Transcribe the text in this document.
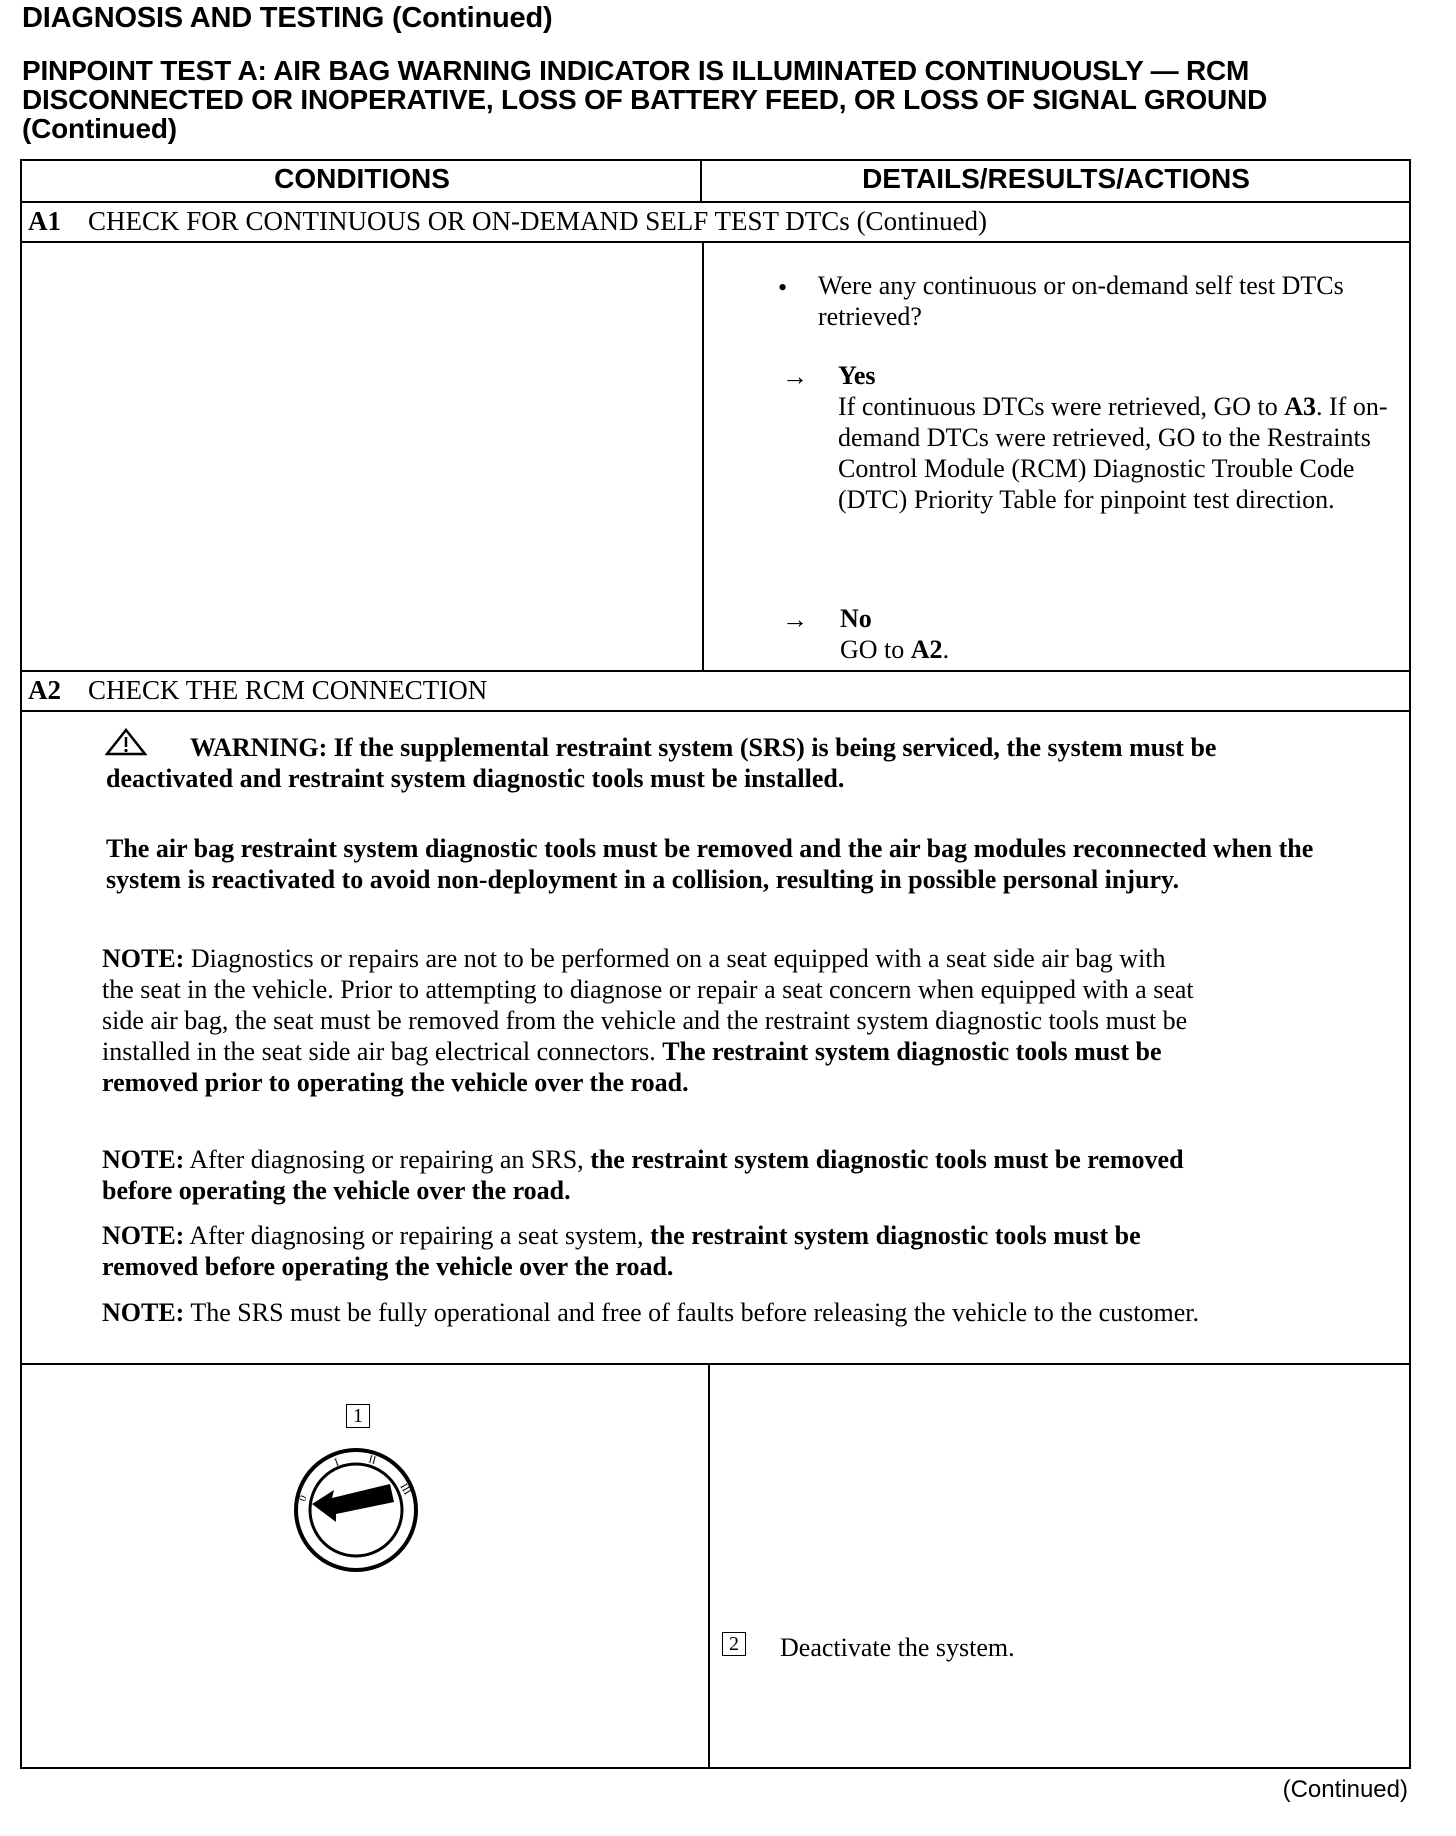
DIAGNOSIS AND TESTING (Continued)
PINPOINT TEST A: AIR BAG WARNING INDICATOR IS ILLUMINATED CONTINUOUSLY — RCM DISCONNECTED OR INOPERATIVE, LOSS OF BATTERY FEED, OR LOSS OF SIGNAL GROUND (Continued)
CONDITIONS	DETAILS/RESULTS/ACTIONS
A1 CHECK FOR CONTINUOUS OR ON-DEMAND SELF TEST DTCs (Continued)
• Were any continuous or on-demand self test DTCs retrieved?
→ Yes
If continuous DTCs were retrieved, GO to A3. If on-demand DTCs were retrieved, GO to the Restraints Control Module (RCM) Diagnostic Trouble Code (DTC) Priority Table for pinpoint test direction.
→ No
GO to A2.
A2 CHECK THE RCM CONNECTION
WARNING: If the supplemental restraint system (SRS) is being serviced, the system must be deactivated and restraint system diagnostic tools must be installed.
The air bag restraint system diagnostic tools must be removed and the air bag modules reconnected when the system is reactivated to avoid non-deployment in a collision, resulting in possible personal injury.
NOTE: Diagnostics or repairs are not to be performed on a seat equipped with a seat side air bag with the seat in the vehicle. Prior to attempting to diagnose or repair a seat concern when equipped with a seat side air bag, the seat must be removed from the vehicle and the restraint system diagnostic tools must be installed in the seat side air bag electrical connectors. The restraint system diagnostic tools must be removed prior to operating the vehicle over the road.
NOTE: After diagnosing or repairing an SRS, the restraint system diagnostic tools must be removed before operating the vehicle over the road.
NOTE: After diagnosing or repairing a seat system, the restraint system diagnostic tools must be removed before operating the vehicle over the road.
NOTE: The SRS must be fully operational and free of faults before releasing the vehicle to the customer.
1
0
I II
III
2 Deactivate the system.
(Continued)
